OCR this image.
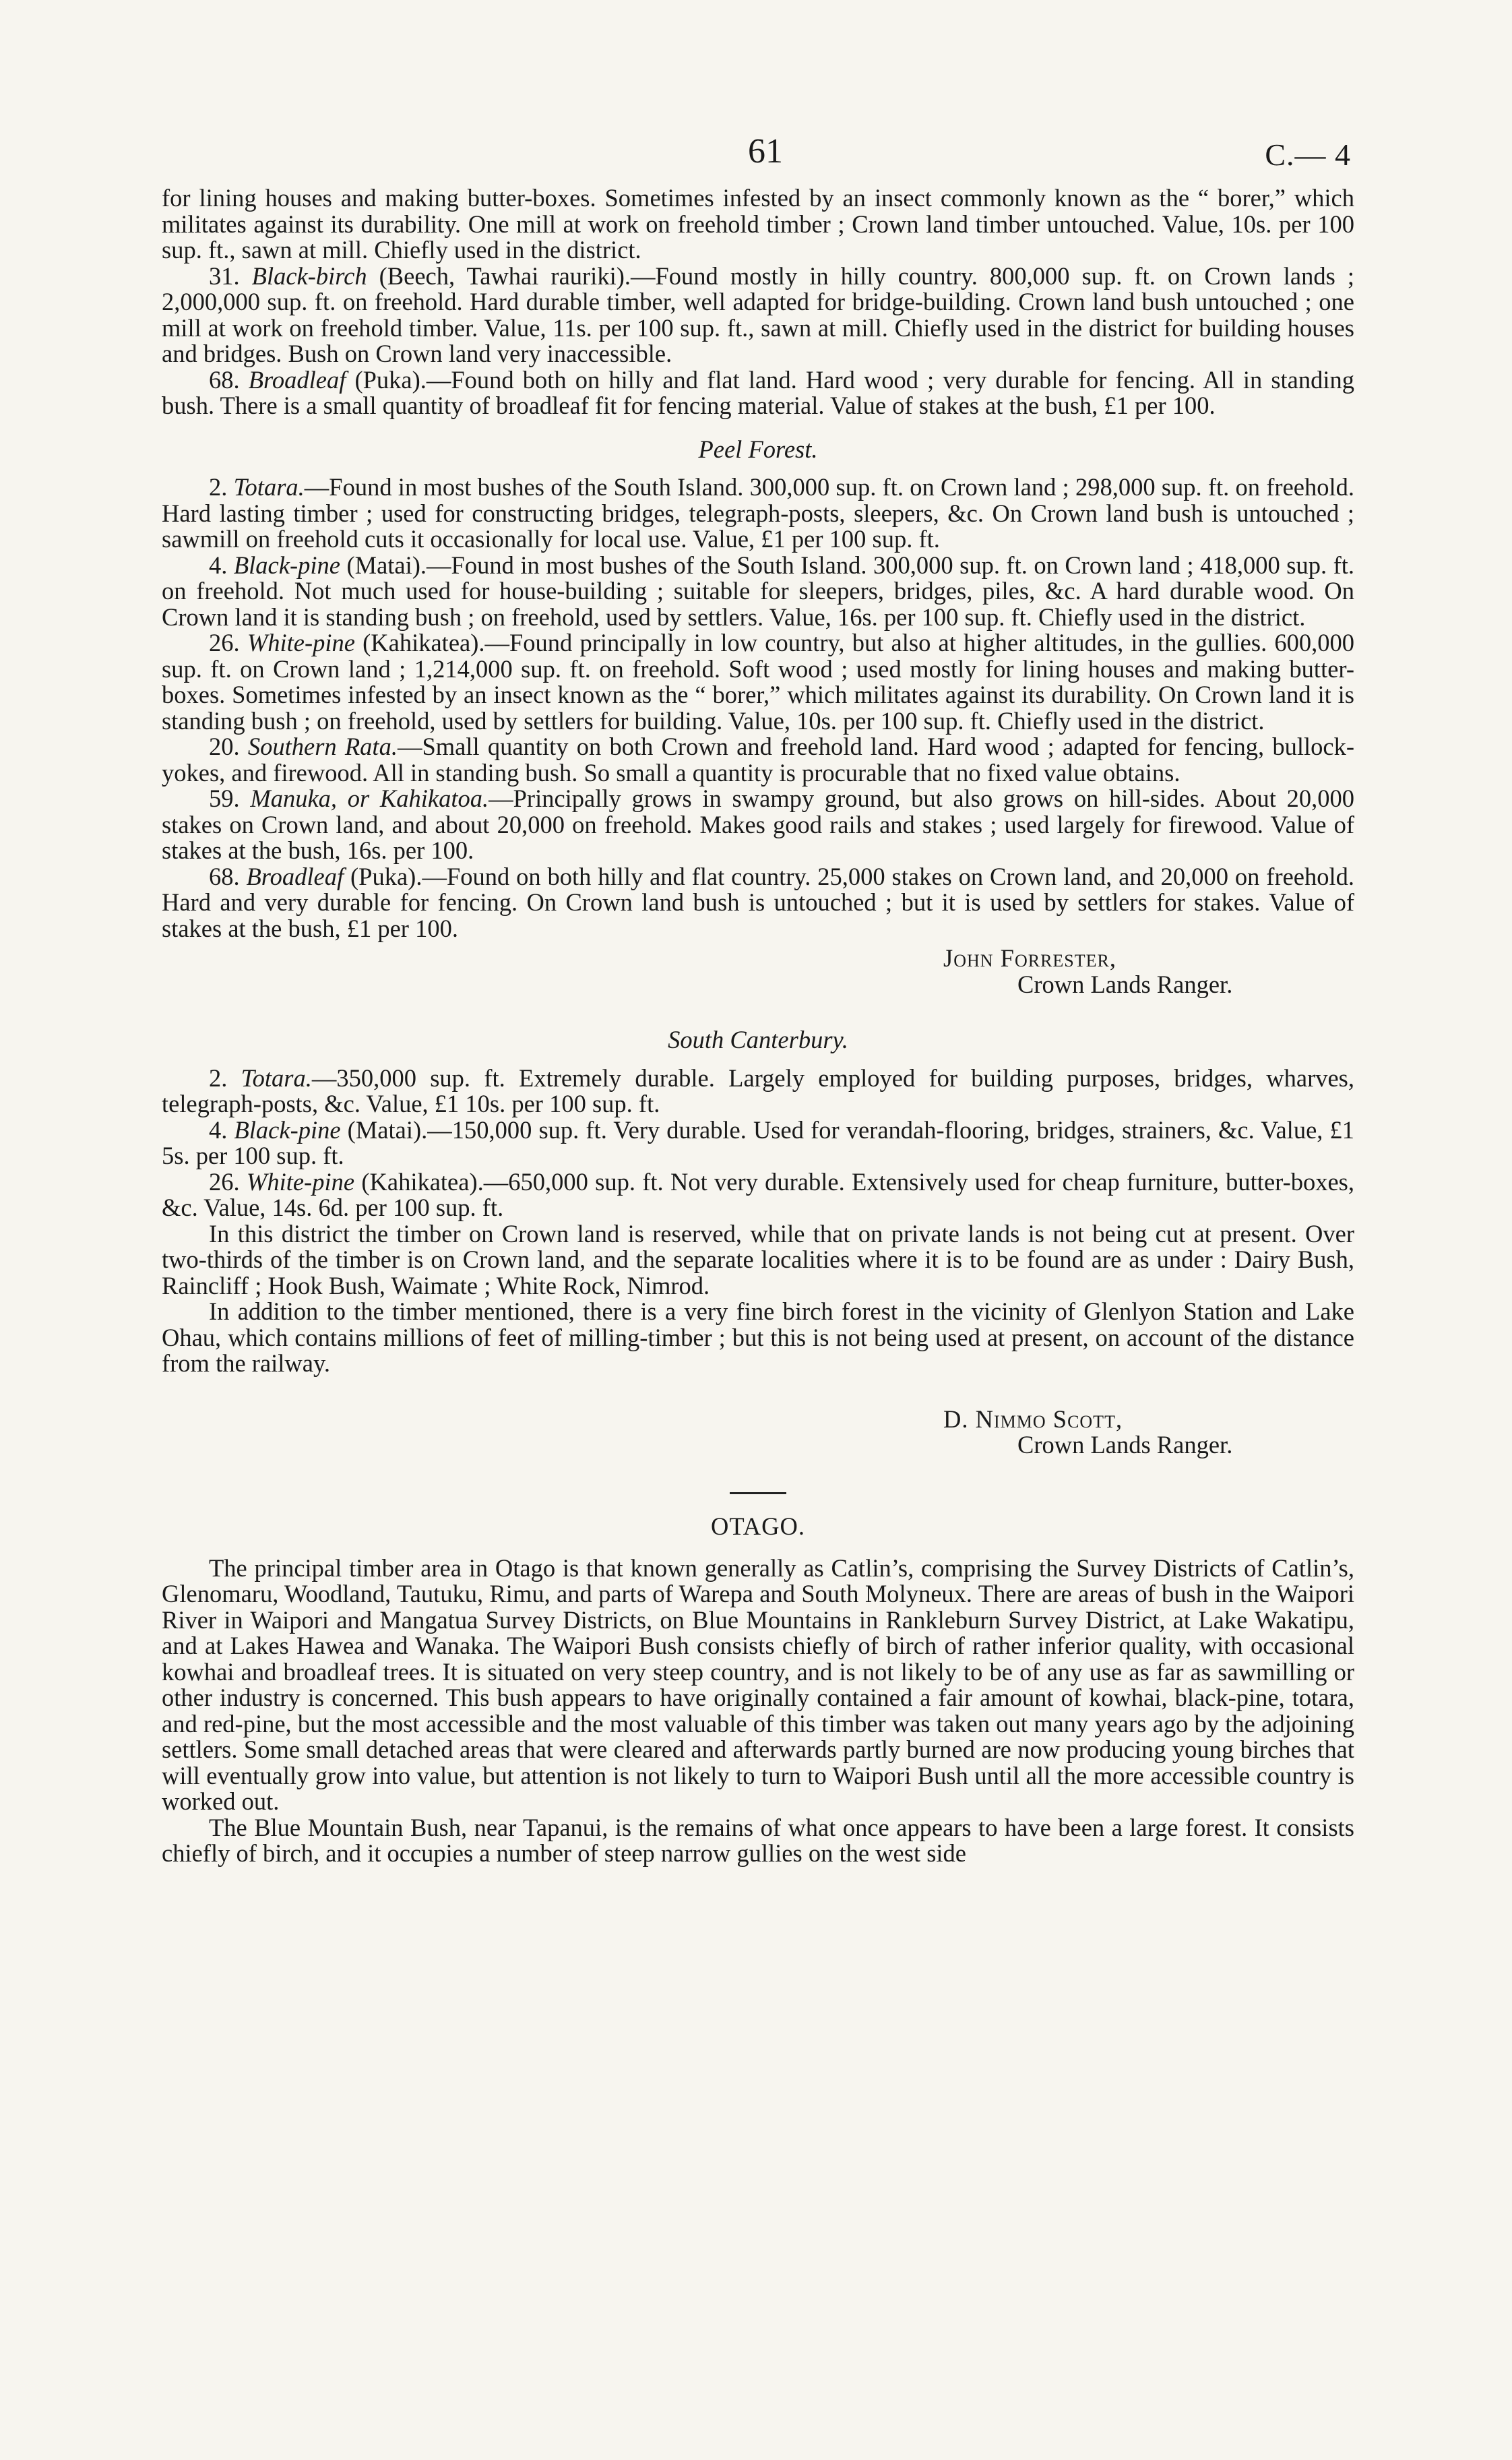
61	C.— 4

for lining houses and making butter-boxes. Sometimes infested by an insect commonly known as the “ borer,” which militates against its durability. One mill at work on freehold timber ; Crown land timber untouched. Value, 10s. per 100 sup. ft., sawn at mill. Chiefly used in the district.

31. Black-birch (Beech, Tawhai rauriki).—Found mostly in hilly country. 800,000 sup. ft. on Crown lands ; 2,000,000 sup. ft. on freehold. Hard durable timber, well adapted for bridge-building. Crown land bush untouched ; one mill at work on freehold timber. Value, 11s. per 100 sup. ft., sawn at mill. Chiefly used in the district for building houses and bridges. Bush on Crown land very inaccessible.

68. Broadleaf (Puka).—Found both on hilly and flat land. Hard wood ; very durable for fencing. All in standing bush. There is a small quantity of broadleaf fit for fencing material. Value of stakes at the bush, £1 per 100.

Peel Forest.

2. Totara.—Found in most bushes of the South Island. 300,000 sup. ft. on Crown land ; 298,000 sup. ft. on freehold. Hard lasting timber ; used for constructing bridges, telegraph-posts, sleepers, &c. On Crown land bush is untouched ; sawmill on freehold cuts it occasionally for local use. Value, £1 per 100 sup. ft.

4. Black-pine (Matai).—Found in most bushes of the South Island. 300,000 sup. ft. on Crown land ; 418,000 sup. ft. on freehold. Not much used for house-building ; suitable for sleepers, bridges, piles, &c. A hard durable wood. On Crown land it is standing bush ; on freehold, used by settlers. Value, 16s. per 100 sup. ft. Chiefly used in the district.

26. White-pine (Kahikatea).—Found principally in low country, but also at higher altitudes, in the gullies. 600,000 sup. ft. on Crown land ; 1,214,000 sup. ft. on freehold. Soft wood ; used mostly for lining houses and making butter-boxes. Sometimes infested by an insect known as the “ borer,” which militates against its durability. On Crown land it is standing bush ; on freehold, used by settlers for building. Value, 10s. per 100 sup. ft. Chiefly used in the district.

20. Southern Rata.—Small quantity on both Crown and freehold land. Hard wood ; adapted for fencing, bullock-yokes, and firewood. All in standing bush. So small a quantity is procurable that no fixed value obtains.

59. Manuka, or Kahikatoa.—Principally grows in swampy ground, but also grows on hill-sides. About 20,000 stakes on Crown land, and about 20,000 on freehold. Makes good rails and stakes ; used largely for firewood. Value of stakes at the bush, 16s. per 100.

68. Broadleaf (Puka).—Found on both hilly and flat country. 25,000 stakes on Crown land, and 20,000 on freehold. Hard and very durable for fencing. On Crown land bush is untouched ; but it is used by settlers for stakes. Value of stakes at the bush, £1 per 100.

John Forrester,
Crown Lands Ranger.
South Canterbury.

2. Totara.—350,000 sup. ft. Extremely durable. Largely employed for building purposes, bridges, wharves, telegraph-posts, &c. Value, £1 10s. per 100 sup. ft.

4. Black-pine (Matai).—150,000 sup. ft. Very durable. Used for verandah-flooring, bridges, strainers, &c. Value, £1 5s. per 100 sup. ft.

26. White-pine (Kahikatea).—650,000 sup. ft. Not very durable. Extensively used for cheap furniture, butter-boxes, &c. Value, 14s. 6d. per 100 sup. ft.

In this district the timber on Crown land is reserved, while that on private lands is not being cut at present. Over two-thirds of the timber is on Crown land, and the separate localities where it is to be found are as under : Dairy Bush, Raincliff ; Hook Bush, Waimate ; White Rock, Nimrod.

In addition to the timber mentioned, there is a very fine birch forest in the vicinity of Glenlyon Station and Lake Ohau, which contains millions of feet of milling-timber ; but this is not being used at present, on account of the distance from the railway.

D. Nimmo Scott,
Crown Lands Ranger.
OTAGO.

The principal timber area in Otago is that known generally as Catlin’s, comprising the Survey Districts of Catlin’s, Glenomaru, Woodland, Tautuku, Rimu, and parts of Warepa and South Molyneux. There are areas of bush in the Waipori River in Waipori and Mangatua Survey Districts, on Blue Mountains in Rankleburn Survey District, at Lake Wakatipu, and at Lakes Hawea and Wanaka. The Waipori Bush consists chiefly of birch of rather inferior quality, with occasional kowhai and broadleaf trees. It is situated on very steep country, and is not likely to be of any use as far as sawmilling or other industry is concerned. This bush appears to have originally contained a fair amount of kowhai, black-pine, totara, and red-pine, but the most accessible and the most valuable of this timber was taken out many years ago by the adjoining settlers. Some small detached areas that were cleared and afterwards partly burned are now producing young birches that will eventually grow into value, but attention is not likely to turn to Waipori Bush until all the more accessible country is worked out.

The Blue Mountain Bush, near Tapanui, is the remains of what once appears to have been a large forest. It consists chiefly of birch, and it occupies a number of steep narrow gullies on the west side
